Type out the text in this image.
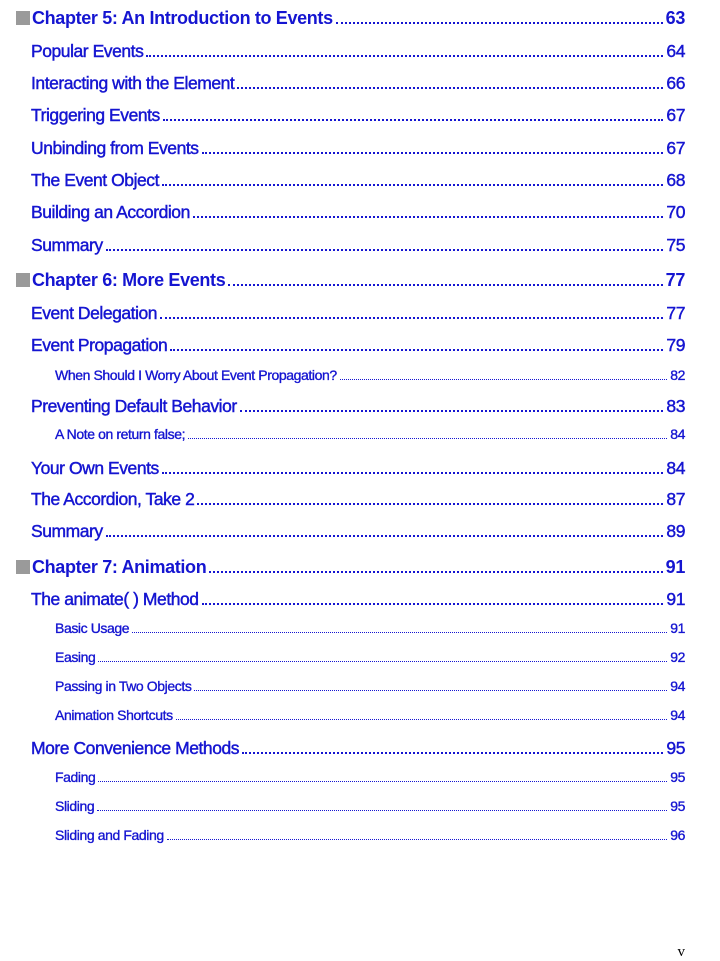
Chapter 5: An Introduction to Events	63
Popular Events	64
Interacting with the Element	66
Triggering Events	67
Unbinding from Events	67
The Event Object	68
Building an Accordion	70
Summary	75
Chapter 6: More Events	77
Event Delegation	77
Event Propagation	79
When Should I Worry About Event Propagation?	82
Preventing Default Behavior	83
A Note on return false;	84
Your Own Events	84
The Accordion, Take 2	87
Summary	89
Chapter 7: Animation	91
The animate( ) Method	91
Basic Usage	91
Easing	92
Passing in Two Objects	94
Animation Shortcuts	94
More Convenience Methods	95
Fading	95
Sliding	95
Sliding and Fading	96
v
